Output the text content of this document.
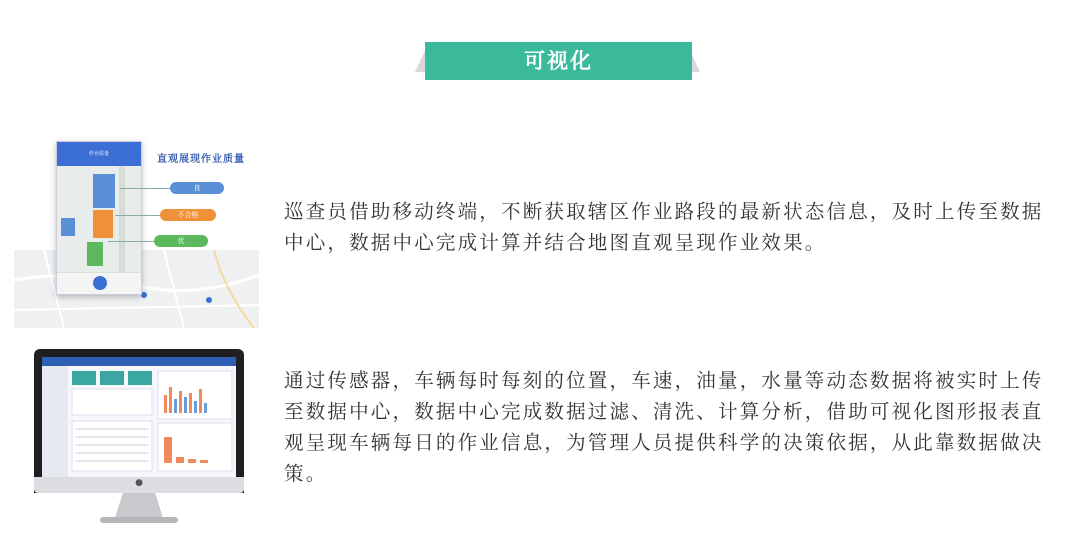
可视化
作业质量	直观展现作业质量
良
不合格
优
巡查员借助移动终端，不断获取辖区作业路段的最新状态信息，及时上传至数据中心，数据中心完成计算并结合地图直观呈现作业效果。
●
通过传感器，车辆每时每刻的位置，车速，油量，水量等动态数据将被实时上传至数据中心，数据中心完成数据过滤、清洗、计算分析，借助可视化图形报表直观呈现车辆每日的作业信息，为管理人员提供科学的决策依据，从此靠数据做决策。
